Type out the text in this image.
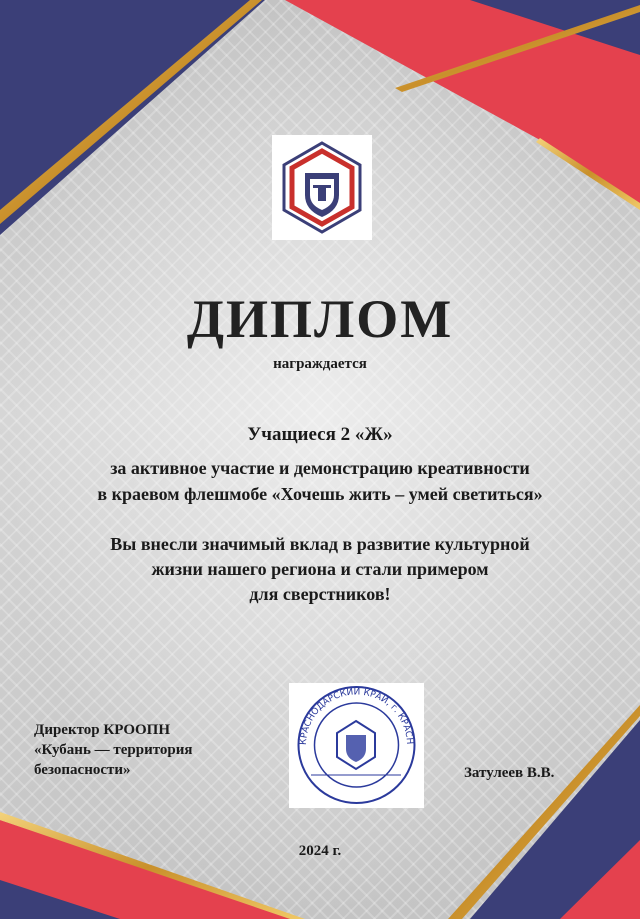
ДИПЛОМ
награждается
Учащиеся 2 «Ж»
за активное участие и демонстрацию креативности
в краевом флешмобе «Хочешь жить – умей светиться»
Вы внесли значимый вклад в развитие культурной
жизни нашего региона и стали примером
для сверстников!
Директор КРООПН
«Кубань — территория
безопасности»
КРАСНОДАРСКИЙ КРАЙ, г. КРАСН
Затулеев В.В.
2024 г.
